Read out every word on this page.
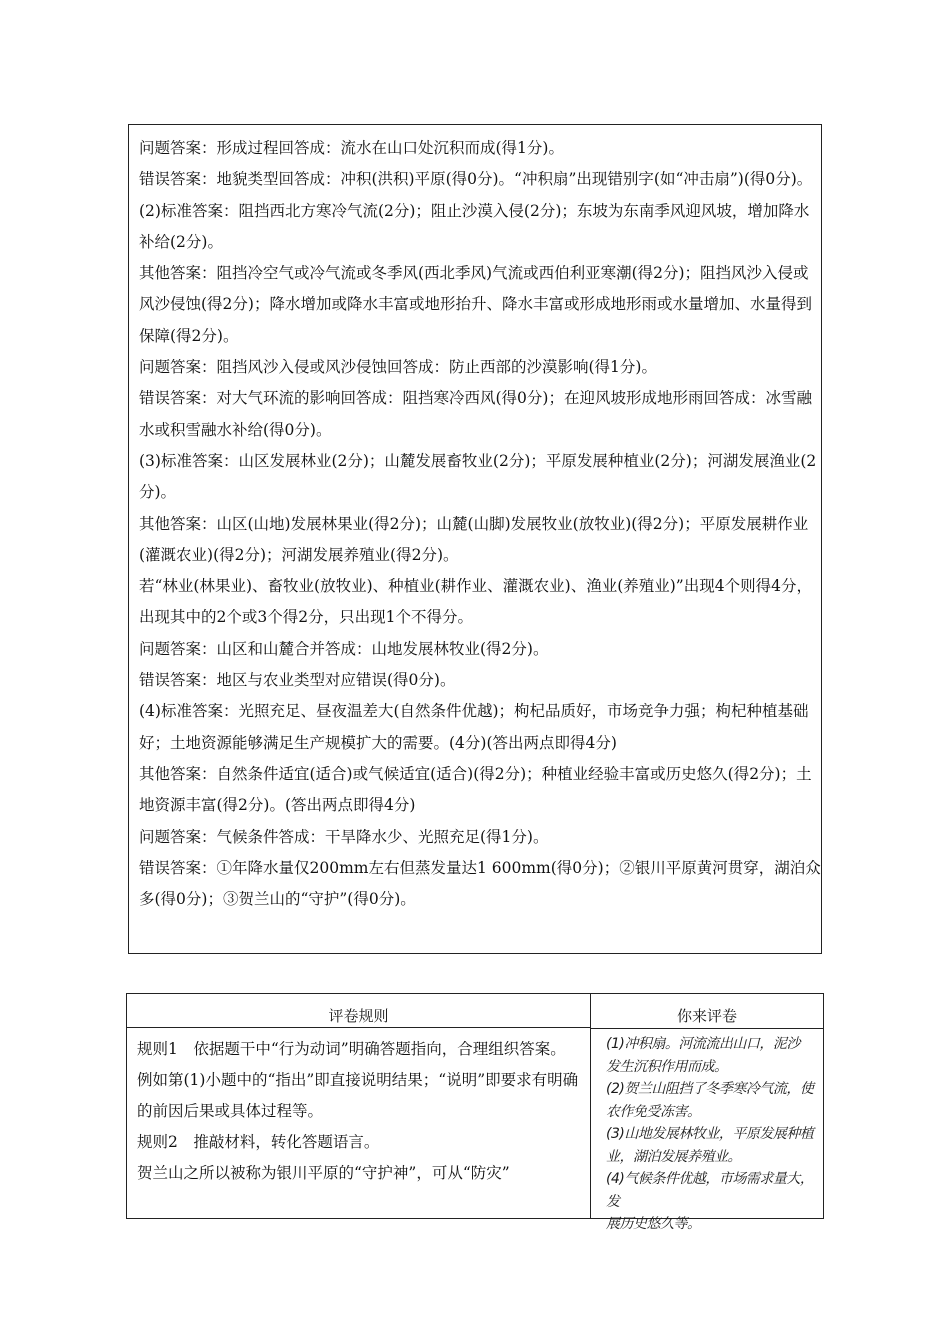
问题答案：形成过程回答成：流水在山口处沉积而成(得1分)。

错误答案：地貌类型回答成：冲积(洪积)平原(得0分)。“冲积扇”出现错别字(如“冲击扇”)(得0分)。

(2)标准答案：阻挡西北方寒冷气流(2分)；阻止沙漠入侵(2分)；东坡为东南季风迎风坡，增加降水补给(2分)。

其他答案：阻挡冷空气或冷气流或冬季风(西北季风)气流或西伯利亚寒潮(得2分)；阻挡风沙入侵或风沙侵蚀(得2分)；降水增加或降水丰富或地形抬升、降水丰富或形成地形雨或水量增加、水量得到保障(得2分)。

问题答案：阻挡风沙入侵或风沙侵蚀回答成：防止西部的沙漠影响(得1分)。

错误答案：对大气环流的影响回答成：阻挡寒冷西风(得0分)；在迎风坡形成地形雨回答成：冰雪融水或积雪融水补给(得0分)。

(3)标准答案：山区发展林业(2分)；山麓发展畜牧业(2分)；平原发展种植业(2分)；河湖发展渔业(2分)。

其他答案：山区(山地)发展林果业(得2分)；山麓(山脚)发展牧业(放牧业)(得2分)；平原发展耕作业(灌溉农业)(得2分)；河湖发展养殖业(得2分)。

若“林业(林果业)、畜牧业(放牧业)、种植业(耕作业、灌溉农业)、渔业(养殖业)”出现4个则得4分，出现其中的2个或3个得2分，只出现1个不得分。

问题答案：山区和山麓合并答成：山地发展林牧业(得2分)。

错误答案：地区与农业类型对应错误(得0分)。

(4)标准答案：光照充足、昼夜温差大(自然条件优越)；枸杞品质好，市场竞争力强；枸杞种植基础好；土地资源能够满足生产规模扩大的需要。(4分)(答出两点即得4分)

其他答案：自然条件适宜(适合)或气候适宜(适合)(得2分)；种植业经验丰富或历史悠久(得2分)；土地资源丰富(得2分)。(答出两点即得4分)

问题答案：气候条件答成：干旱降水少、光照充足(得1分)。

错误答案：①年降水量仅200mm左右但蒸发量达1 600mm(得0分)；②银川平原黄河贯穿，湖泊众多(得0分)；③贺兰山的“守护”(得0分)。

评卷规则	你来评卷

规则1　依据题干中“行为动词”明确答题指向，合理组织答案。

例如第(1)小题中的“指出”即直接说明结果；“说明”即要求有明确的前因后果或具体过程等。

规则2　推敲材料，转化答题语言。

贺兰山之所以被称为银川平原的“守护神”，可从“防灾”

(1)冲积扇。河流流出山口，泥沙

发生沉积作用而成。

(2)贺兰山阻挡了冬季寒冷气流，使

农作免受冻害。

(3)山地发展林牧业，平原发展种植

业，湖泊发展养殖业。

(4)气候条件优越，市场需求量大，发

展历史悠久等。
